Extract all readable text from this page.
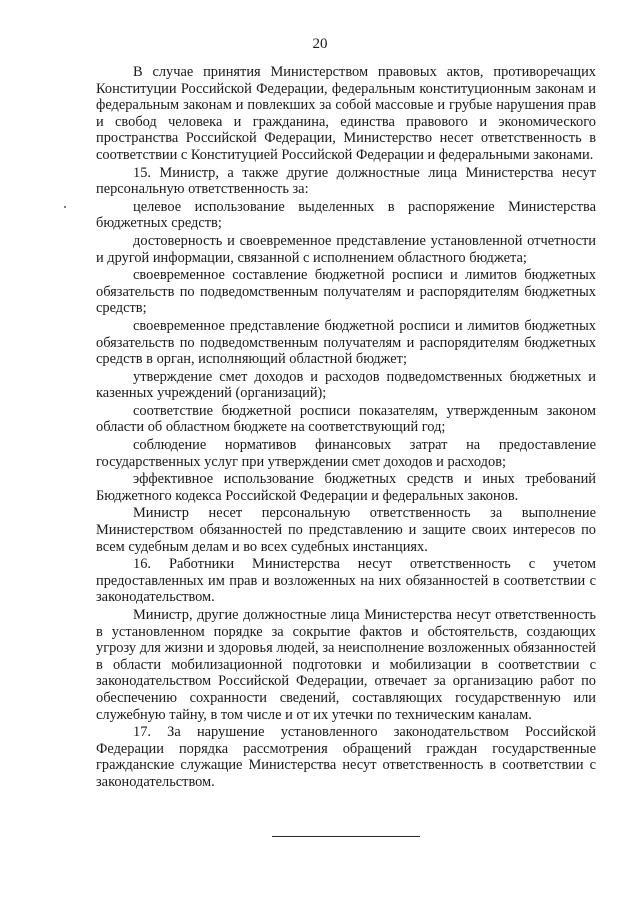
20

В случае принятия Министерством правовых актов, противоречащих Конституции Российской Федерации, федеральным конституционным законам и федеральным законам и повлекших за собой массовые и грубые нарушения прав и свобод человека и гражданина, единства правового и экономического пространства Российской Федерации, Министерство несет ответственность в соответствии с Конституцией Российской Федерации и федеральными законами.

15. Министр, а также другие должностные лица Министерства несут персональную ответственность за:

целевое использование выделенных в распоряжение Министерства бюджетных средств;

достоверность и своевременное представление установленной отчетности и другой информации, связанной с исполнением областного бюджета;

своевременное составление бюджетной росписи и лимитов бюджетных обязательств по подведомственным получателям и распорядителям бюджетных средств;

своевременное представление бюджетной росписи и лимитов бюджетных обязательств по подведомственным получателям и распорядителям бюджетных средств в орган, исполняющий областной бюджет;

утверждение смет доходов и расходов подведомственных бюджетных и казенных учреждений (организаций);

соответствие бюджетной росписи показателям, утвержденным законом области об областном бюджете на соответствующий год;

соблюдение нормативов финансовых затрат на предоставление государственных услуг при утверждении смет доходов и расходов;

эффективное использование бюджетных средств и иных требований Бюджетного кодекса Российской Федерации и федеральных законов.

Министр несет персональную ответственность за выполнение Министерством обязанностей по представлению и защите своих интересов по всем судебным делам и во всех судебных инстанциях.

16. Работники Министерства несут ответственность с учетом предоставленных им прав и возложенных на них обязанностей в соответствии с законодательством.

Министр, другие должностные лица Министерства несут ответственность в установленном порядке за сокрытие фактов и обстоятельств, создающих угрозу для жизни и здоровья людей, за неисполнение возложенных обязанностей в области мобилизационной подготовки и мобилизации в соответствии с законодательством Российской Федерации, отвечает за организацию работ по обеспечению сохранности сведений, составляющих государственную или служебную тайну, в том числе и от их утечки по техническим каналам.

17. За нарушение установленного законодательством Российской Федерации порядка рассмотрения обращений граждан государственные гражданские служащие Министерства несут ответственность в соответствии с законодательством.
